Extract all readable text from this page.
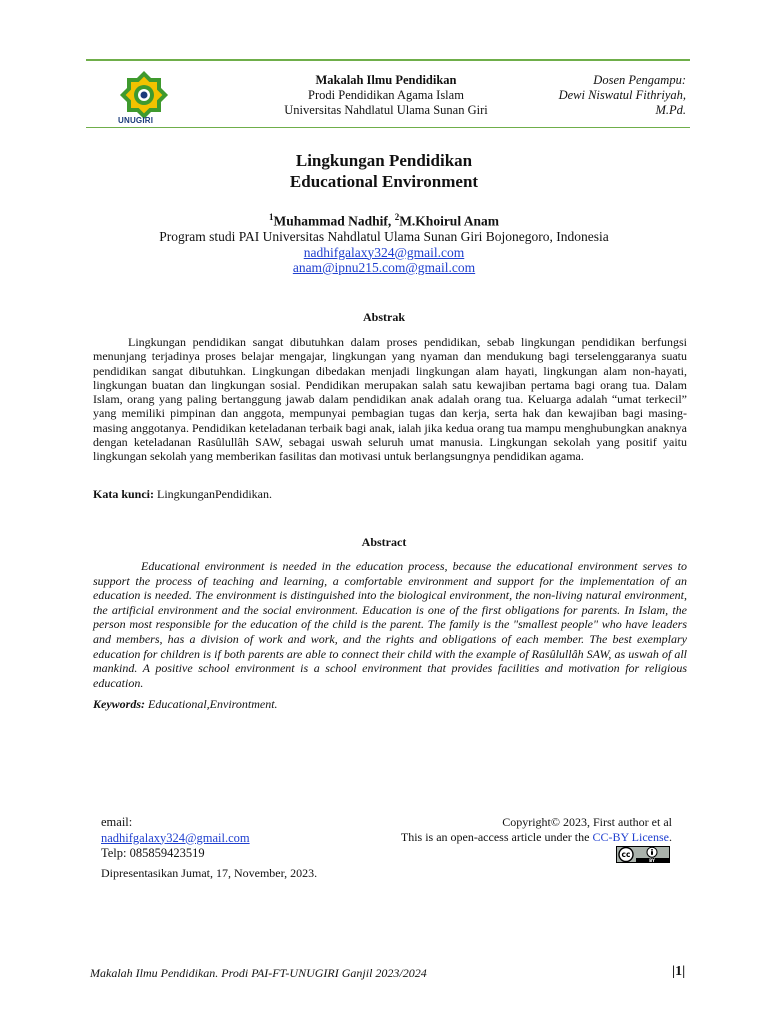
UNUGIRI
Makalah Ilmu Pendidikan
Prodi Pendidikan Agama Islam
Universitas Nahdlatul Ulama Sunan Giri
Dosen Pengampu:
Dewi Niswatul Fithriyah,
M.Pd.
Lingkungan Pendidikan
Educational Environment
$^1$Muhammad Nadhif, $^2$M.Khoirul Anam
Program studi PAI Universitas Nahdlatul Ulama Sunan Giri Bojonegoro, Indonesia
nadhifgalaxy324@gmail.com
anam@ipnu215.com@gmail.com
Abstrak
Lingkungan pendidikan sangat dibutuhkan dalam proses pendidikan, sebab lingkungan pendidikan berfungsi menunjang terjadinya proses belajar mengajar, lingkungan yang nyaman dan mendukung bagi terselenggaranya suatu pendidikan sangat dibutuhkan. Lingkungan dibedakan menjadi lingkungan alam hayati, lingkungan alam non-hayati, lingkungan buatan dan lingkungan sosial. Pendidikan merupakan salah satu kewajiban pertama bagi orang tua. Dalam Islam, orang yang paling bertanggung jawab dalam pendidikan anak adalah orang tua. Keluarga adalah “umat terkecil” yang memiliki pimpinan dan anggota, mempunyai pembagian tugas dan kerja, serta hak dan kewajiban bagi masing-masing anggotanya. Pendidikan keteladanan terbaik bagi anak, ialah jika kedua orang tua mampu menghubungkan anaknya dengan keteladanan Rasûlullâh SAW, sebagai uswah seluruh umat manusia. Lingkungan sekolah yang positif yaitu lingkungan sekolah yang memberikan fasilitas dan motivasi untuk berlangsungnya pendidikan agama.
Kata kunci: LingkunganPendidikan.
Abstract
Educational environment is needed in the education process, because the educational environment serves to support the process of teaching and learning, a comfortable environment and support for the implementation of an education is needed. The environment is distinguished into the biological environment, the non-living natural environment, the artificial environment and the social environment. Education is one of the first obligations for parents. In Islam, the person most responsible for the education of the child is the parent. The family is the "smallest people" who have leaders and members, has a division of work and work, and the rights and obligations of each member. The best exemplary education for children is if both parents are able to connect their child with the example of Rasûlullâh SAW, as uswah of all mankind. A positive school environment is a school environment that provides facilities and motivation for religious education.
Keywords: Educational,Environtment.
email:
nadhifgalaxy324@gmail.com
Telp: 085859423519
Dipresentasikan Jumat, 17, November, 2023.
Copyright© 2023, First author et al
This is an open-access article under the CC-BY License.
cc
BY
Makalah Ilmu Pendidikan. Prodi PAI-FT-UNUGIRI Ganjil 2023/2024	|1|
